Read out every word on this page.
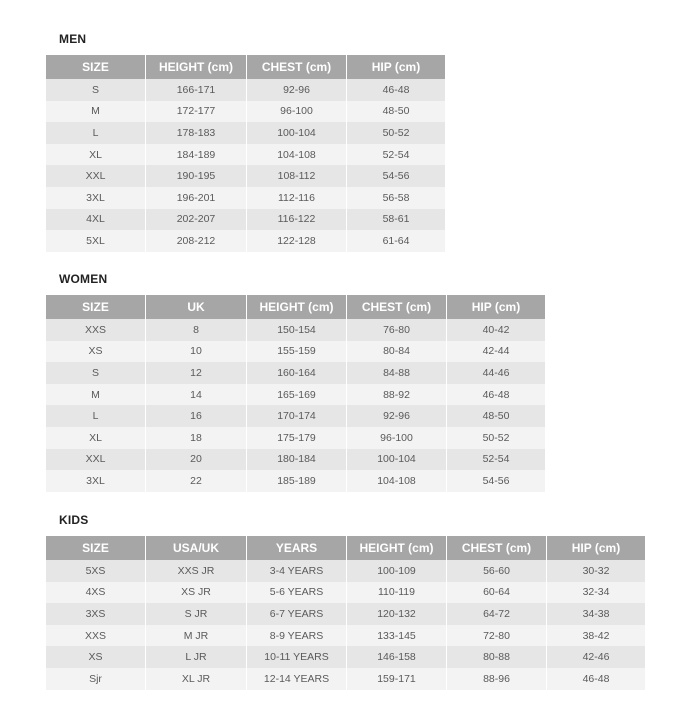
MEN
SIZE	HEIGHT (cm)	CHEST (cm)	HIP (cm)
S	166-171	92-96	46-48
M	172-177	96-100	48-50
L	178-183	100-104	50-52
XL	184-189	104-108	52-54
XXL	190-195	108-112	54-56
3XL	196-201	112-116	56-58
4XL	202-207	116-122	58-61
5XL	208-212	122-128	61-64
WOMEN
SIZE	UK	HEIGHT (cm)	CHEST (cm)	HIP (cm)
XXS	8	150-154	76-80	40-42
XS	10	155-159	80-84	42-44
S	12	160-164	84-88	44-46
M	14	165-169	88-92	46-48
L	16	170-174	92-96	48-50
XL	18	175-179	96-100	50-52
XXL	20	180-184	100-104	52-54
3XL	22	185-189	104-108	54-56
KIDS
SIZE	USA/UK	YEARS	HEIGHT (cm)	CHEST (cm)	HIP (cm)
5XS	XXS JR	3-4 YEARS	100-109	56-60	30-32
4XS	XS JR	5-6 YEARS	110-119	60-64	32-34
3XS	S JR	6-7 YEARS	120-132	64-72	34-38
XXS	M JR	8-9 YEARS	133-145	72-80	38-42
XS	L JR	10-11 YEARS	146-158	80-88	42-46
Sjr	XL JR	12-14 YEARS	159-171	88-96	46-48
